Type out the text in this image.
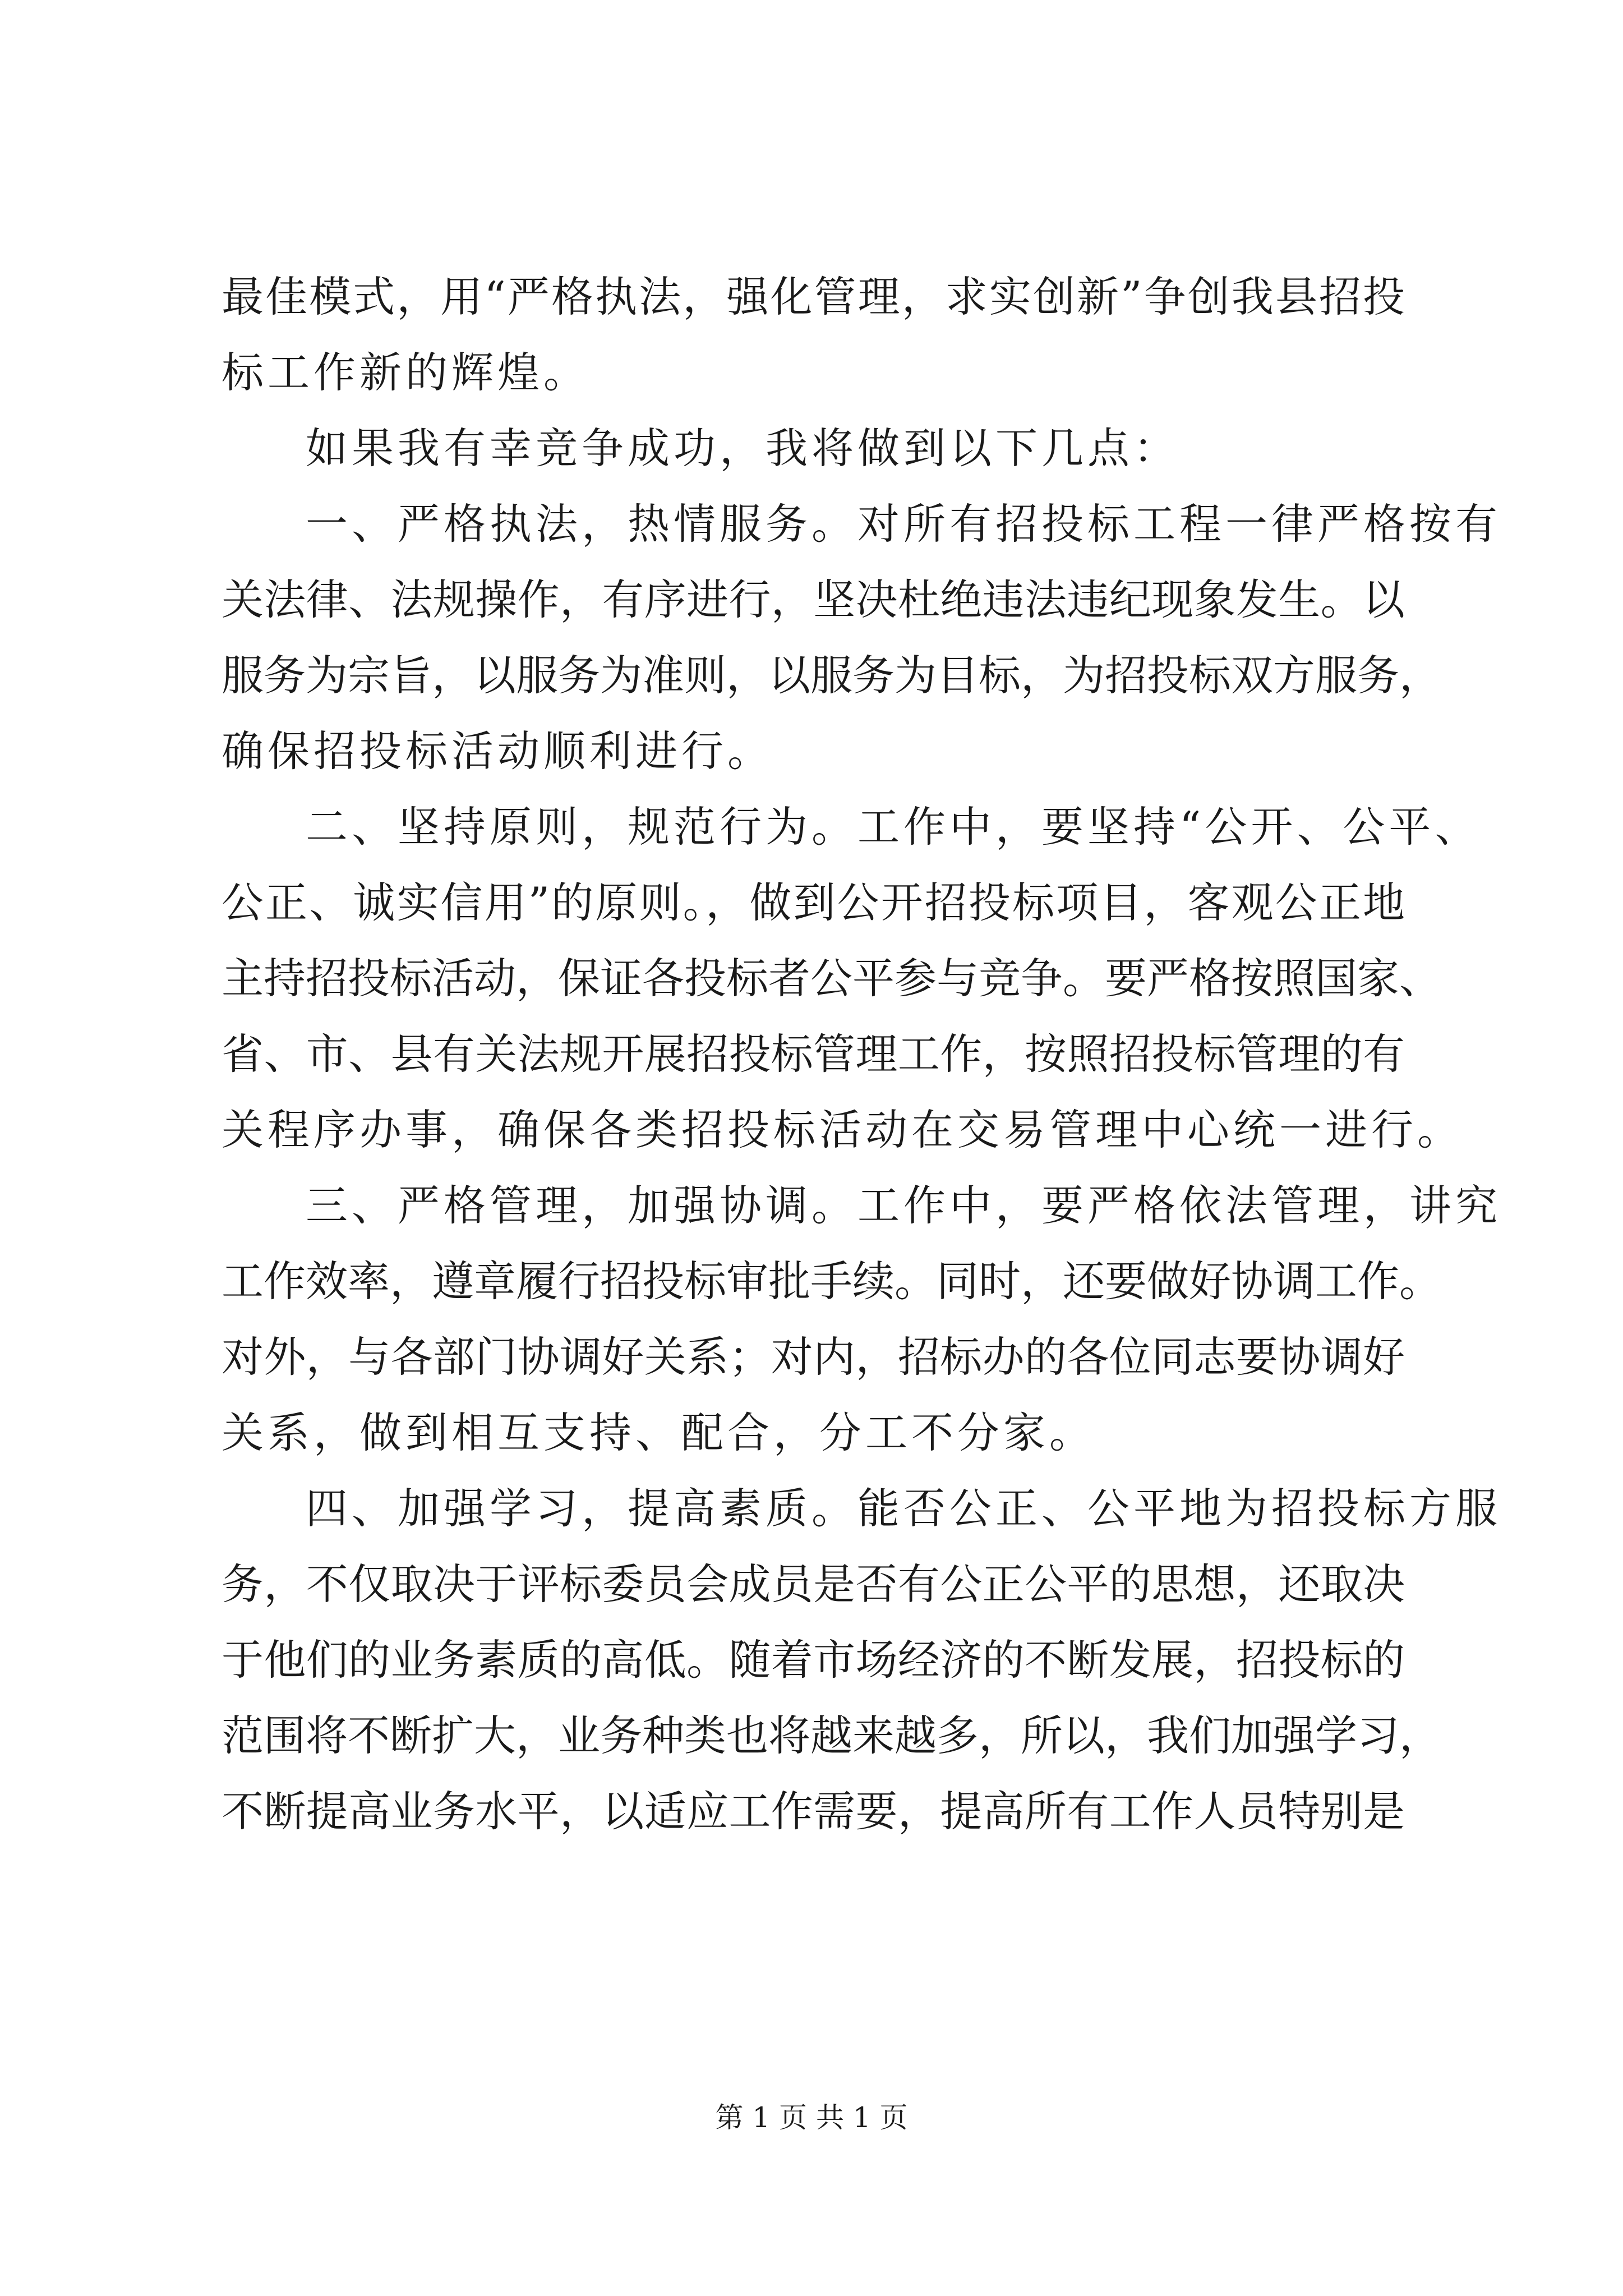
最佳模式，用“严格执法，强化管理，求实创新”争创我县招投
标工作新的辉煌。
如果我有幸竞争成功，我将做到以下几点：
一、严格执法，热情服务。对所有招投标工程一律严格按有
关法律、法规操作，有序进行，坚决杜绝违法违纪现象发生。以
服务为宗旨，以服务为准则，以服务为目标，为招投标双方服务，
确保招投标活动顺利进行。
二、坚持原则，规范行为。工作中，要坚持“公开、公平、
公正、诚实信用”的原则。，做到公开招投标项目，客观公正地
主持招投标活动，保证各投标者公平参与竞争。要严格按照国家、
省、市、县有关法规开展招投标管理工作，按照招投标管理的有
关程序办事，确保各类招投标活动在交易管理中心统一进行。
三、严格管理，加强协调。工作中，要严格依法管理，讲究
工作效率，遵章履行招投标审批手续。同时，还要做好协调工作。
对外，与各部门协调好关系；对内，招标办的各位同志要协调好
关系，做到相互支持、配合，分工不分家。
四、加强学习，提高素质。能否公正、公平地为招投标方服
务，不仅取决于评标委员会成员是否有公正公平的思想，还取决
于他们的业务素质的高低。随着市场经济的不断发展，招投标的
范围将不断扩大，业务种类也将越来越多，所以，我们加强学习，
不断提高业务水平，以适应工作需要，提高所有工作人员特别是
第 1 页 共 1 页
